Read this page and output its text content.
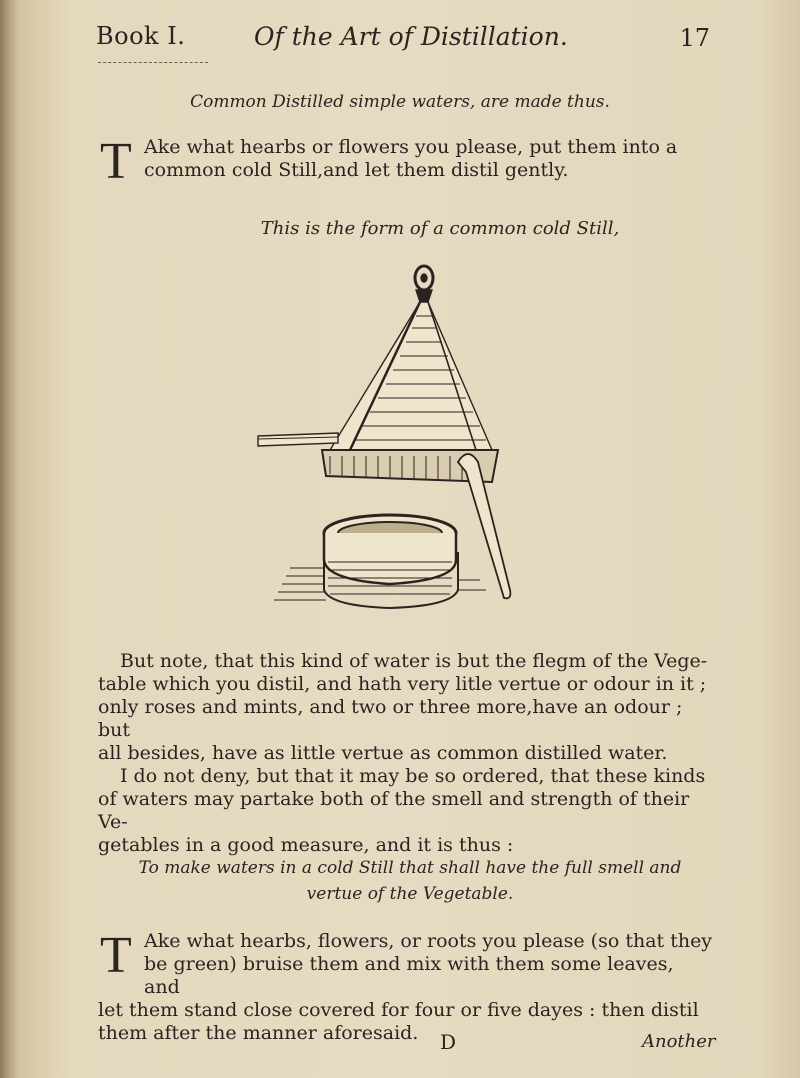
Book I.	Of the Art of Distillation.	17
Common Distilled simple waters, are made thus.
T Ake what hearbs or flowers you please, put them into a
common cold Still,and let them distil gently.
This is the form of a common cold Still,
But note, that this kind of water is but the flegm of the Vege-
table which you distil, and hath very litle vertue or odour in it ;
only roses and mints, and two or three more,have an odour ; but
all besides, have as little vertue as common distilled water.
I do not deny, but that it may be so ordered, that these kinds
of waters may partake both of the smell and strength of their Ve-
getables in a good measure, and it is thus :
To make waters in a cold Still that shall have the full smell and
vertue of the Vegetable.
T Ake what hearbs, flowers, or roots you please (so that they
be green) bruise them and mix with them some leaves, and
let them stand close covered for four or five dayes : then distil
them after the manner aforesaid.	D	Another
